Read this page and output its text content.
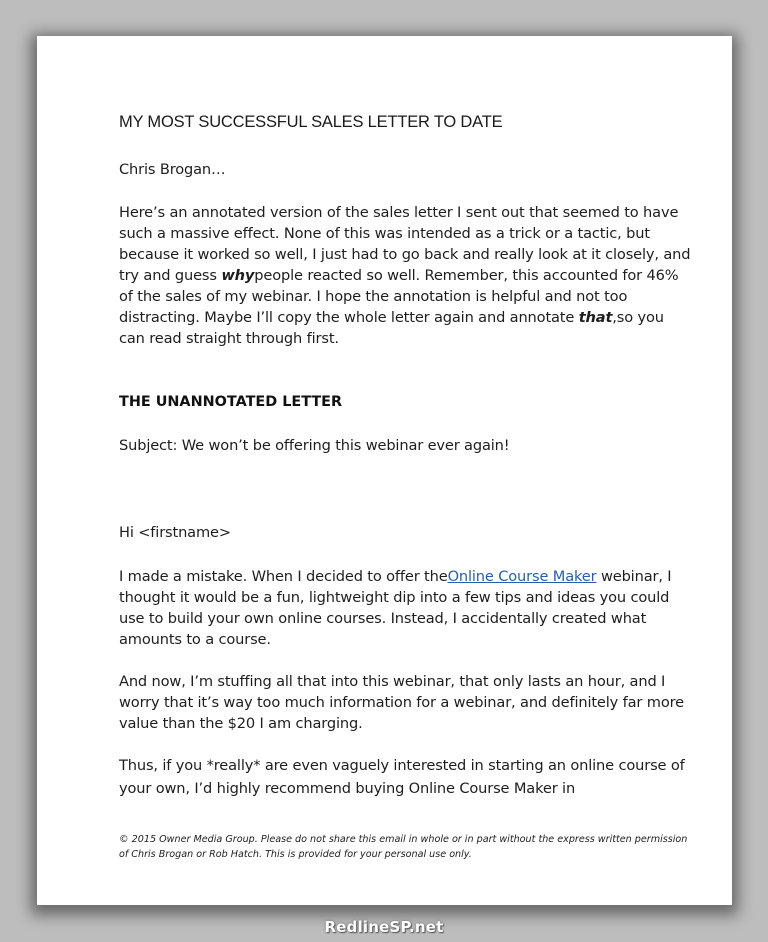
MY MOST SUCCESSFUL SALES LETTER TO DATE
Chris Brogan…
Here’s an annotated version of the sales letter I sent out that seemed to have such a massive effect. None of this was intended as a trick or a tactic, but because it worked so well, I just had to go back and really look at it closely, and try and guess whypeople reacted so well. Remember, this accounted for 46% of the sales of my webinar. I hope the annotation is helpful and not too distracting. Maybe I’ll copy the whole letter again and annotate that,so you can read straight through first.
THE UNANNOTATED LETTER
Subject: We won’t be offering this webinar ever again!
Hi <firstname>
I made a mistake. When I decided to offer theOnline Course Maker webinar, I thought it would be a fun, lightweight dip into a few tips and ideas you could use to build your own online courses. Instead, I accidentally created what amounts to a course.
And now, I’m stuffing all that into this webinar, that only lasts an hour, and I worry that it’s way too much information for a webinar, and definitely far more value than the $20 I am charging.
Thus, if you *really* are even vaguely interested in starting an online course of your own, I’d highly recommend buying Online Course Maker in
© 2015 Owner Media Group. Please do not share this email in whole or in part without the express written permission of Chris Brogan or Rob Hatch. This is provided for your personal use only.
RedlineSP.net
